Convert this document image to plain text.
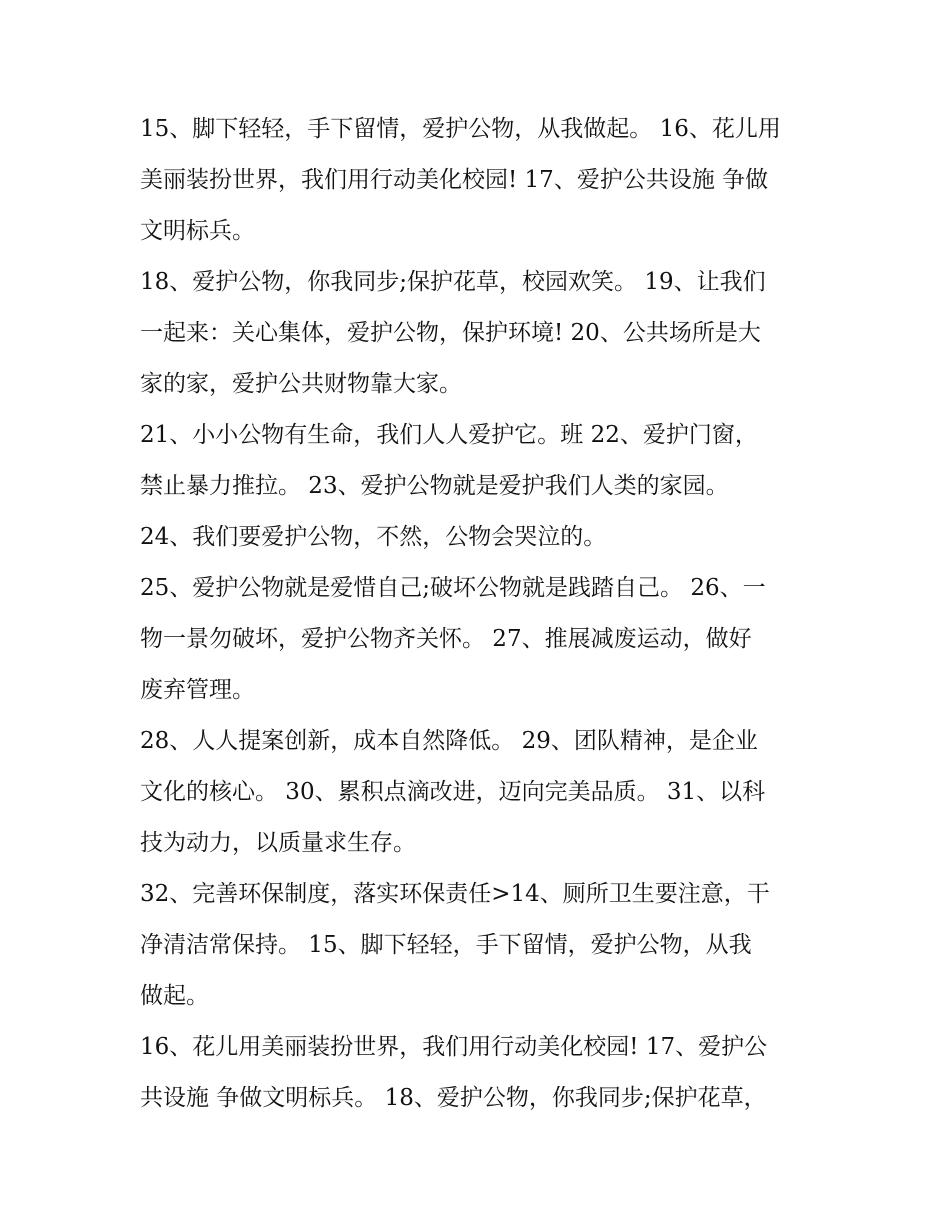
15、脚下轻轻，手下留情，爱护公物，从我做起。 16、花儿用
美丽装扮世界，我们用行动美化校园! 17、爱护公共设施 争做
文明标兵。
18、爱护公物，你我同步;保护花草，校园欢笑。 19、让我们
一起来：关心集体，爱护公物，保护环境! 20、公共场所是大
家的家，爱护公共财物靠大家。
21、小小公物有生命，我们人人爱护它。班 22、爱护门窗，
禁止暴力推拉。 23、爱护公物就是爱护我们人类的家园。
24、我们要爱护公物，不然，公物会哭泣的。
25、爱护公物就是爱惜自己;破坏公物就是践踏自己。 26、一
物一景勿破坏，爱护公物齐关怀。 27、推展减废运动，做好
废弃管理。
28、人人提案创新，成本自然降低。 29、团队精神，是企业
文化的核心。 30、累积点滴改进，迈向完美品质。 31、以科
技为动力，以质量求生存。
32、完善环保制度，落实环保责任>14、厕所卫生要注意，干
净清洁常保持。 15、脚下轻轻，手下留情，爱护公物，从我
做起。
16、花儿用美丽装扮世界，我们用行动美化校园! 17、爱护公
共设施 争做文明标兵。 18、爱护公物，你我同步;保护花草，
